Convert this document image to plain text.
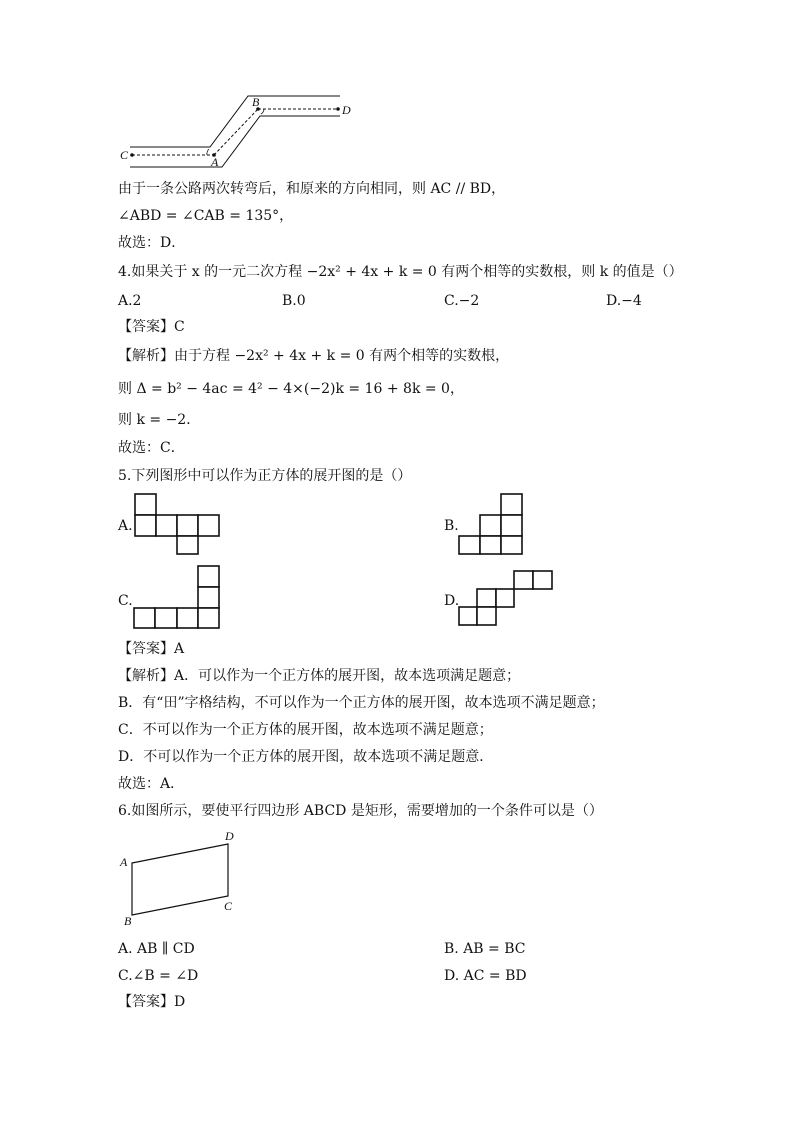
C	A
B
D
由于一条公路两次转弯后，和原来的方向相同，则 AC // BD，
∠ABD = ∠CAB = 135°，
故选：D．
4.如果关于 x 的一元二次方程 −2x² + 4x + k = 0 有两个相等的实数根，则 k 的值是（）
A.2	B.0	C.−2	D.−4
【答案】C
【解析】由于方程 −2x² + 4x + k = 0 有两个相等的实数根，
则 Δ = b² − 4ac = 4² − 4×(−2)k = 16 + 8k = 0，
则 k = −2．
故选：C．
5.下列图形中可以作为正方体的展开图的是（）
A.	B.
C.	D.
【答案】A
【解析】A．可以作为一个正方体的展开图，故本选项满足题意；
B．有“田”字格结构，不可以作为一个正方体的展开图，故本选项不满足题意；
C．不可以作为一个正方体的展开图，故本选项不满足题意；
D．不可以作为一个正方体的展开图，故本选项不满足题意．
故选：A．
6.如图所示，要使平行四边形 ABCD 是矩形，需要增加的一个条件可以是（）
A
B
C
D
A. AB ∥ CD	B. AB = BC
C.∠B = ∠D	D. AC = BD
【答案】D
